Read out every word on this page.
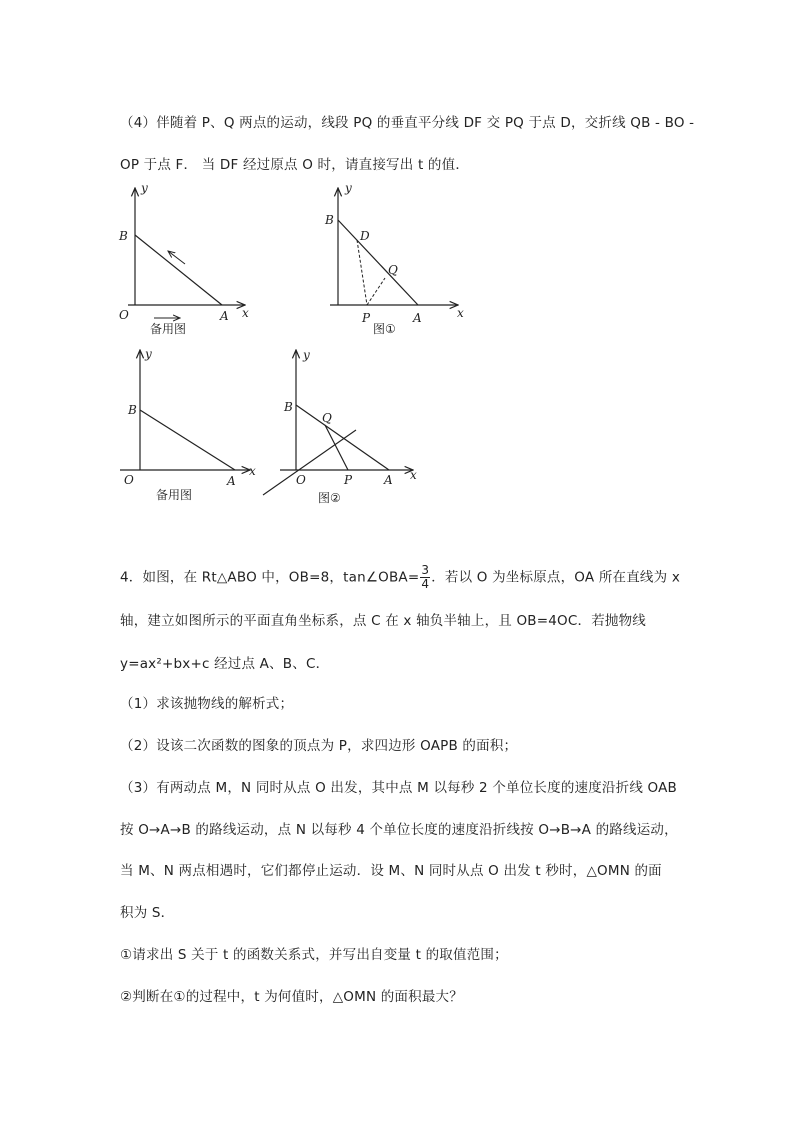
（4）伴随着 P、Q 两点的运动，线段 PQ 的垂直平分线 DF 交 PQ 于点 D，交折线 QB - BO -
OP 于点 F． 当 DF 经过原点 O 时，请直接写出 t 的值．
y
x
B
O	A
备用图
y
x
B
D
Q
P	A
图①
y
x
B
O	A
备用图
y
x
B
Q
O	P	A
图②
4．如图，在 Rt△ABO 中，OB=8，tan∠OBA= $\frac{3}{4}$ ．若以 O 为坐标原点，OA 所在直线为 x
轴，建立如图所示的平面直角坐标系，点 C 在 x 轴负半轴上，且 OB=4OC．若抛物线
y=ax²+bx+c 经过点 A、B、C．
（1）求该抛物线的解析式；
（2）设该二次函数的图象的顶点为 P，求四边形 OAPB 的面积；
（3）有两动点 M，N 同时从点 O 出发，其中点 M 以每秒 2 个单位长度的速度沿折线 OAB
按 O→A→B 的路线运动，点 N 以每秒 4 个单位长度的速度沿折线按 O→B→A 的路线运动，
当 M、N 两点相遇时，它们都停止运动．设 M、N 同时从点 O 出发 t 秒时，△OMN 的面
积为 S．
①请求出 S 关于 t 的函数关系式，并写出自变量 t 的取值范围；
②判断在①的过程中，t 为何值时，△OMN 的面积最大？
